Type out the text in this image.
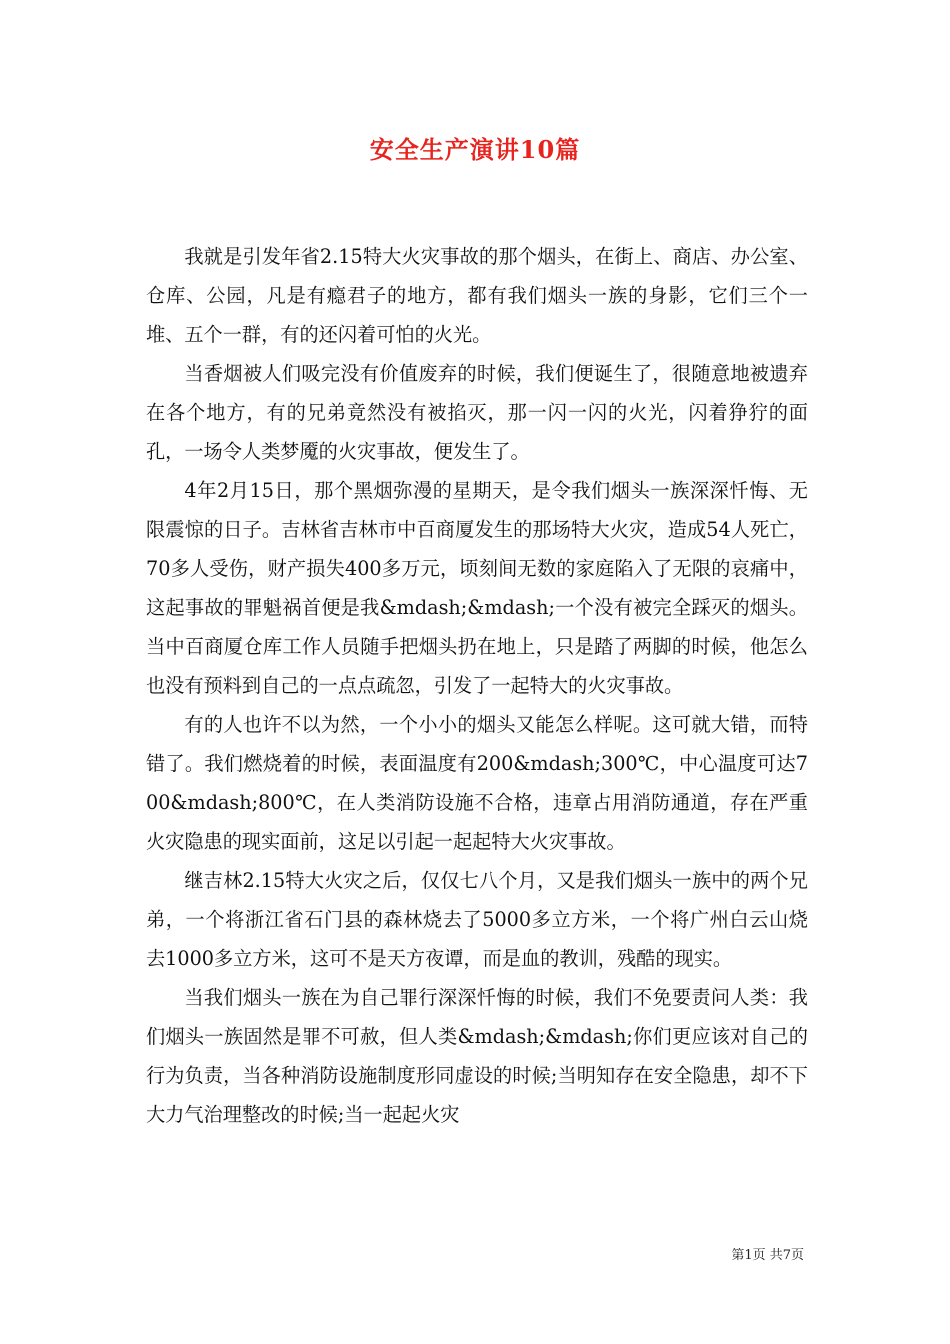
安全生产演讲10篇

我就是引发年省2.15特大火灾事故的那个烟头，在街上、商店、办公室、仓库、公园，凡是有瘾君子的地方，都有我们烟头一族的身影，它们三个一堆、五个一群，有的还闪着可怕的火光。

当香烟被人们吸完没有价值废弃的时候，我们便诞生了，很随意地被遗弃在各个地方，有的兄弟竟然没有被掐灭，那一闪一闪的火光，闪着狰狞的面孔，一场令人类梦魇的火灾事故，便发生了。

4年2月15日，那个黑烟弥漫的星期天，是令我们烟头一族深深忏悔、无限震惊的日子。吉林省吉林市中百商厦发生的那场特大火灾，造成54人死亡，70多人受伤，财产损失400多万元，顷刻间无数的家庭陷入了无限的哀痛中，这起事故的罪魁祸首便是我&mdash;&mdash;一个没有被完全踩灭的烟头。当中百商厦仓库工作人员随手把烟头扔在地上，只是踏了两脚的时候，他怎么也没有预料到自己的一点点疏忽，引发了一起特大的火灾事故。

有的人也许不以为然，一个小小的烟头又能怎么样呢。这可就大错，而特错了。我们燃烧着的时候，表面温度有200&mdash;300℃，中心温度可达700&mdash;800℃，在人类消防设施不合格，违章占用消防通道，存在严重火灾隐患的现实面前，这足以引起一起起特大火灾事故。

继吉林2.15特大火灾之后，仅仅七八个月，又是我们烟头一族中的两个兄弟，一个将浙江省石门县的森林烧去了5000多立方米，一个将广州白云山烧去1000多立方米，这可不是天方夜谭，而是血的教训，残酷的现实。

当我们烟头一族在为自己罪行深深忏悔的时候，我们不免要责问人类：我们烟头一族固然是罪不可赦，但人类&mdash;&mdash;你们更应该对自己的行为负责，当各种消防设施制度形同虚设的时候;当明知存在安全隐患，却不下大力气治理整改的时候;当一起起火灾

第1页 共7页
